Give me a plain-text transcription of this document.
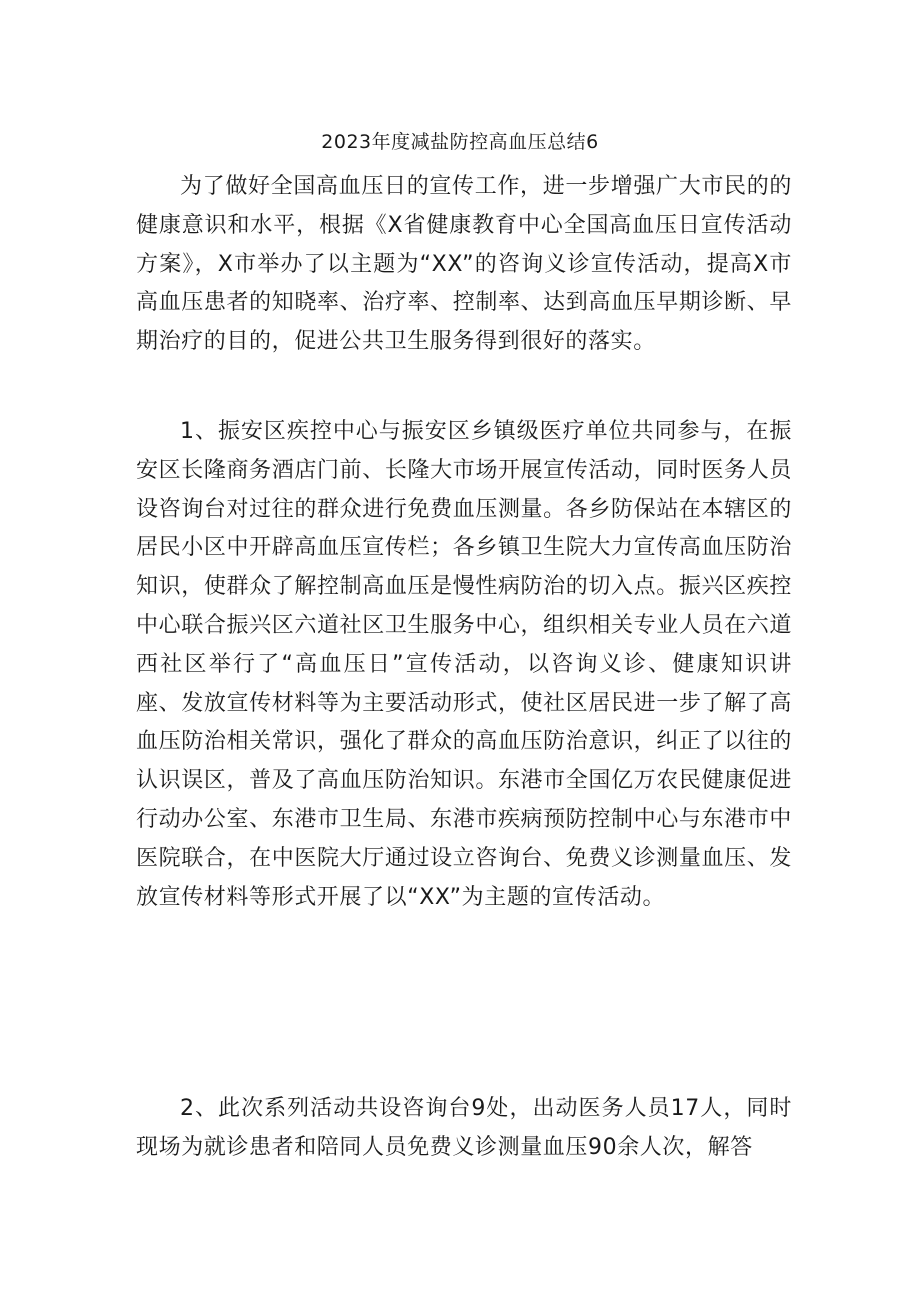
2023年度减盐防控高血压总结6

为了做好全国高血压日的宣传工作，进一步增强广大市民的的健康意识和水平，根据《X省健康教育中心全国高血压日宣传活动方案》，X市举办了以主题为“XX”的咨询义诊宣传活动，提高X市高血压患者的知晓率、治疗率、控制率、达到高血压早期诊断、早期治疗的目的，促进公共卫生服务得到很好的落实。

1、振安区疾控中心与振安区乡镇级医疗单位共同参与，在振安区长隆商务酒店门前、长隆大市场开展宣传活动，同时医务人员设咨询台对过往的群众进行免费血压测量。各乡防保站在本辖区的居民小区中开辟高血压宣传栏；各乡镇卫生院大力宣传高血压防治知识，使群众了解控制高血压是慢性病防治的切入点。振兴区疾控中心联合振兴区六道社区卫生服务中心，组织相关专业人员在六道西社区举行了“高血压日”宣传活动，以咨询义诊、健康知识讲座、发放宣传材料等为主要活动形式，使社区居民进一步了解了高血压防治相关常识，强化了群众的高血压防治意识，纠正了以往的认识误区，普及了高血压防治知识。东港市全国亿万农民健康促进行动办公室、东港市卫生局、东港市疾病预防控制中心与东港市中医院联合，在中医院大厅通过设立咨询台、免费义诊测量血压、发放宣传材料等形式开展了以“XX”为主题的宣传活动。

2、此次系列活动共设咨询台9处，出动医务人员17人，同时现场为就诊患者和陪同人员免费义诊测量血压90余人次，解答
